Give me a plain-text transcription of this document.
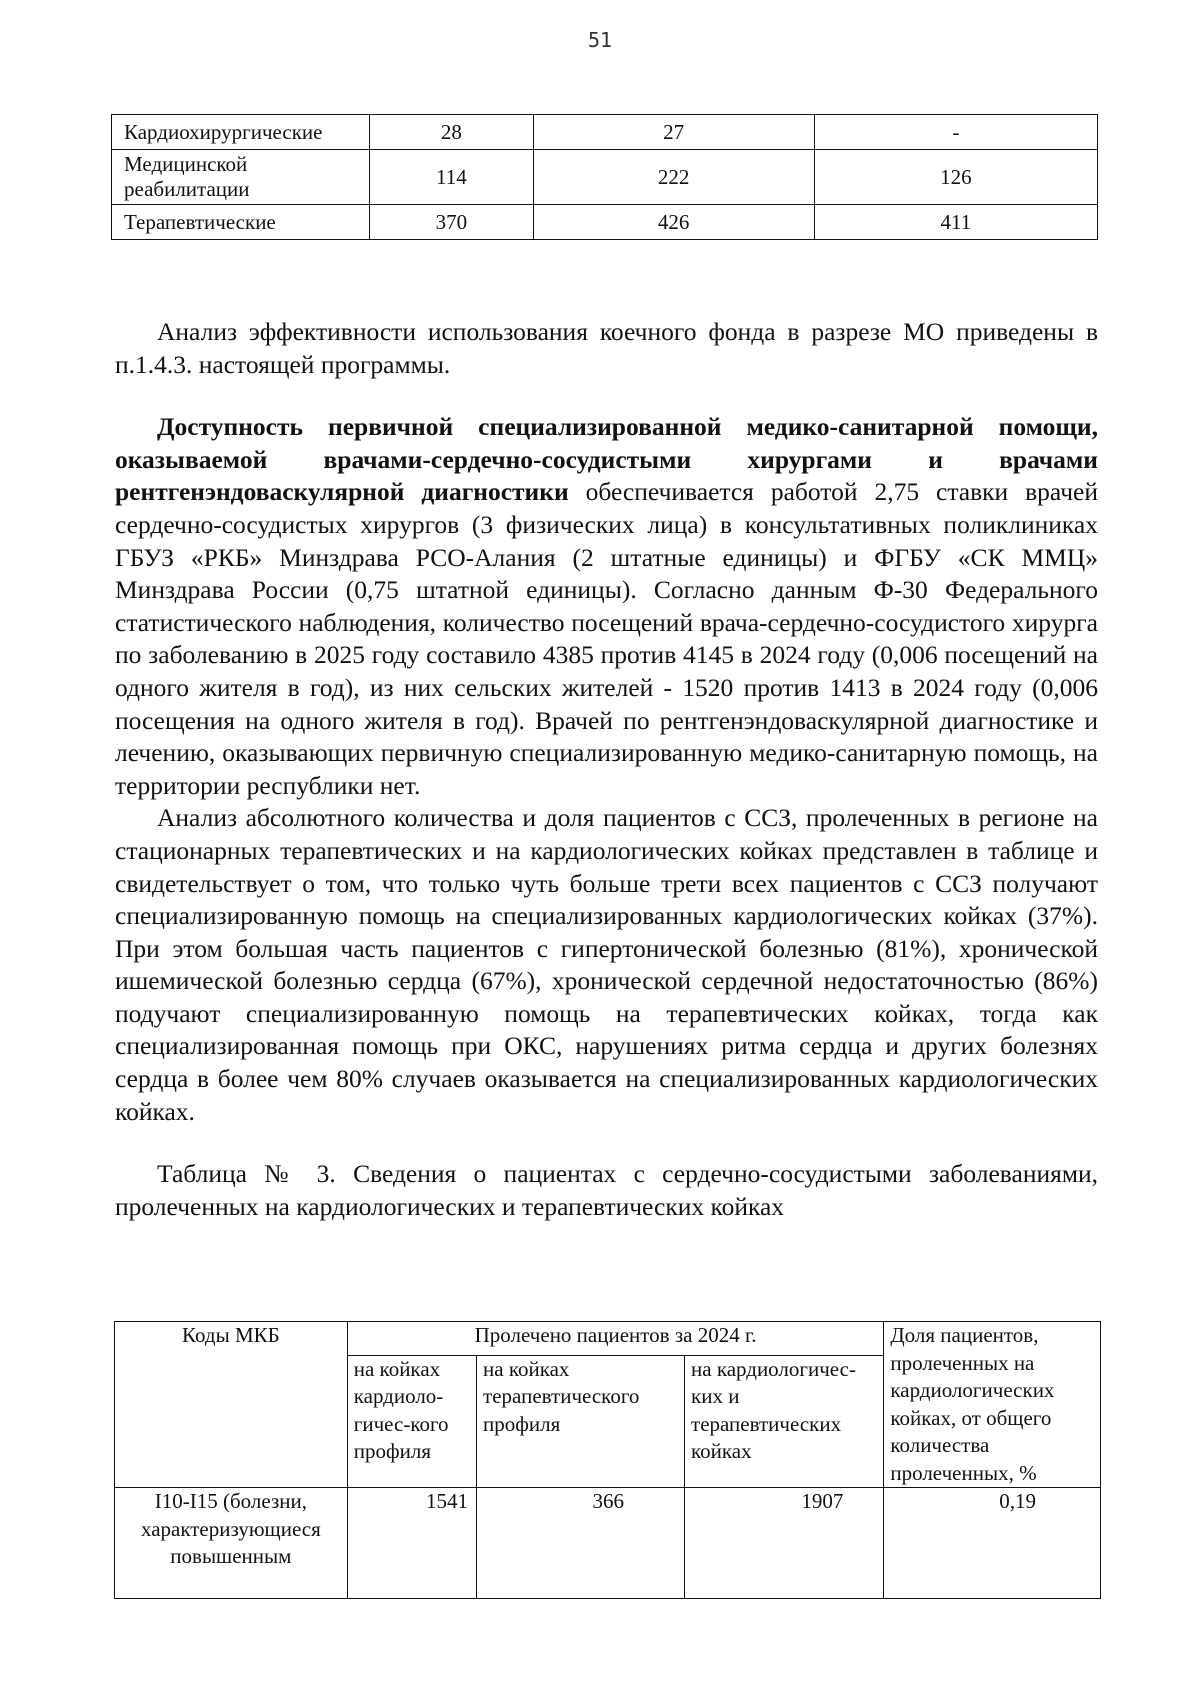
51
Кардиохирургические	28	27	-
Медицинской реабилитации	114	222	126
Терапевтические	370	426	411

Анализ эффективности использования коечного фонда в разрезе МО приведены в п.1.4.3. настоящей программы.

Доступность первичной специализированной медико-санитарной помощи, оказываемой врачами-сердечно-сосудистыми хирургами и врачами рентгенэндоваскулярной диагностики обеспечивается работой 2,75 ставки врачей сердечно-сосудистых хирургов (3 физических лица) в консультативных поликлиниках ГБУЗ «РКБ» Минздрава РСО-Алания (2 штатные единицы) и ФГБУ «СК ММЦ» Минздрава России (0,75 штатной единицы). Согласно данным Ф-30 Федерального статистического наблюдения, количество посещений врача-сердечно-сосудистого хирурга по заболеванию в 2025 году составило 4385 против 4145 в 2024 году (0,006 посещений на одного жителя в год), из них сельских жителей - 1520 против 1413 в 2024 году (0,006 посещения на одного жителя в год). Врачей по рентгенэндоваскулярной диагностике и лечению, оказывающих первичную специализированную медико-санитарную помощь, на территории республики нет.

Анализ абсолютного количества и доля пациентов с ССЗ, пролеченных в регионе на стационарных терапевтических и на кардиологических койках представлен в таблице и свидетельствует о том, что только чуть больше трети всех пациентов с ССЗ получают специализированную помощь на специализированных кардиологических койках (37%). При этом большая часть пациентов с гипертонической болезнью (81%), хронической ишемической болезнью сердца (67%), хронической сердечной недостаточностью (86%) подучают специализированную помощь на терапевтических койках, тогда как специализированная помощь при ОКС, нарушениях ритма сердца и других болезнях сердца в более чем 80% случаев оказывается на специализированных кардиологических койках.

Таблица № 3. Сведения о пациентах с сердечно-сосудистыми заболеваниями, пролеченных на кардиологических и терапевтических койках

Коды МКБ	Пролечено пациентов за 2024 г.			Доля пациентов, пролеченных на кардиологических койках, от общего количества пролеченных, %
	на койках кардиоло-гичес-кого профиля	на койках терапевтического профиля	на кардиологичес-ких и терапевтических койках	
I10-I15 (болезни, характеризующиеся повышенным	1541	366	1907	0,19
